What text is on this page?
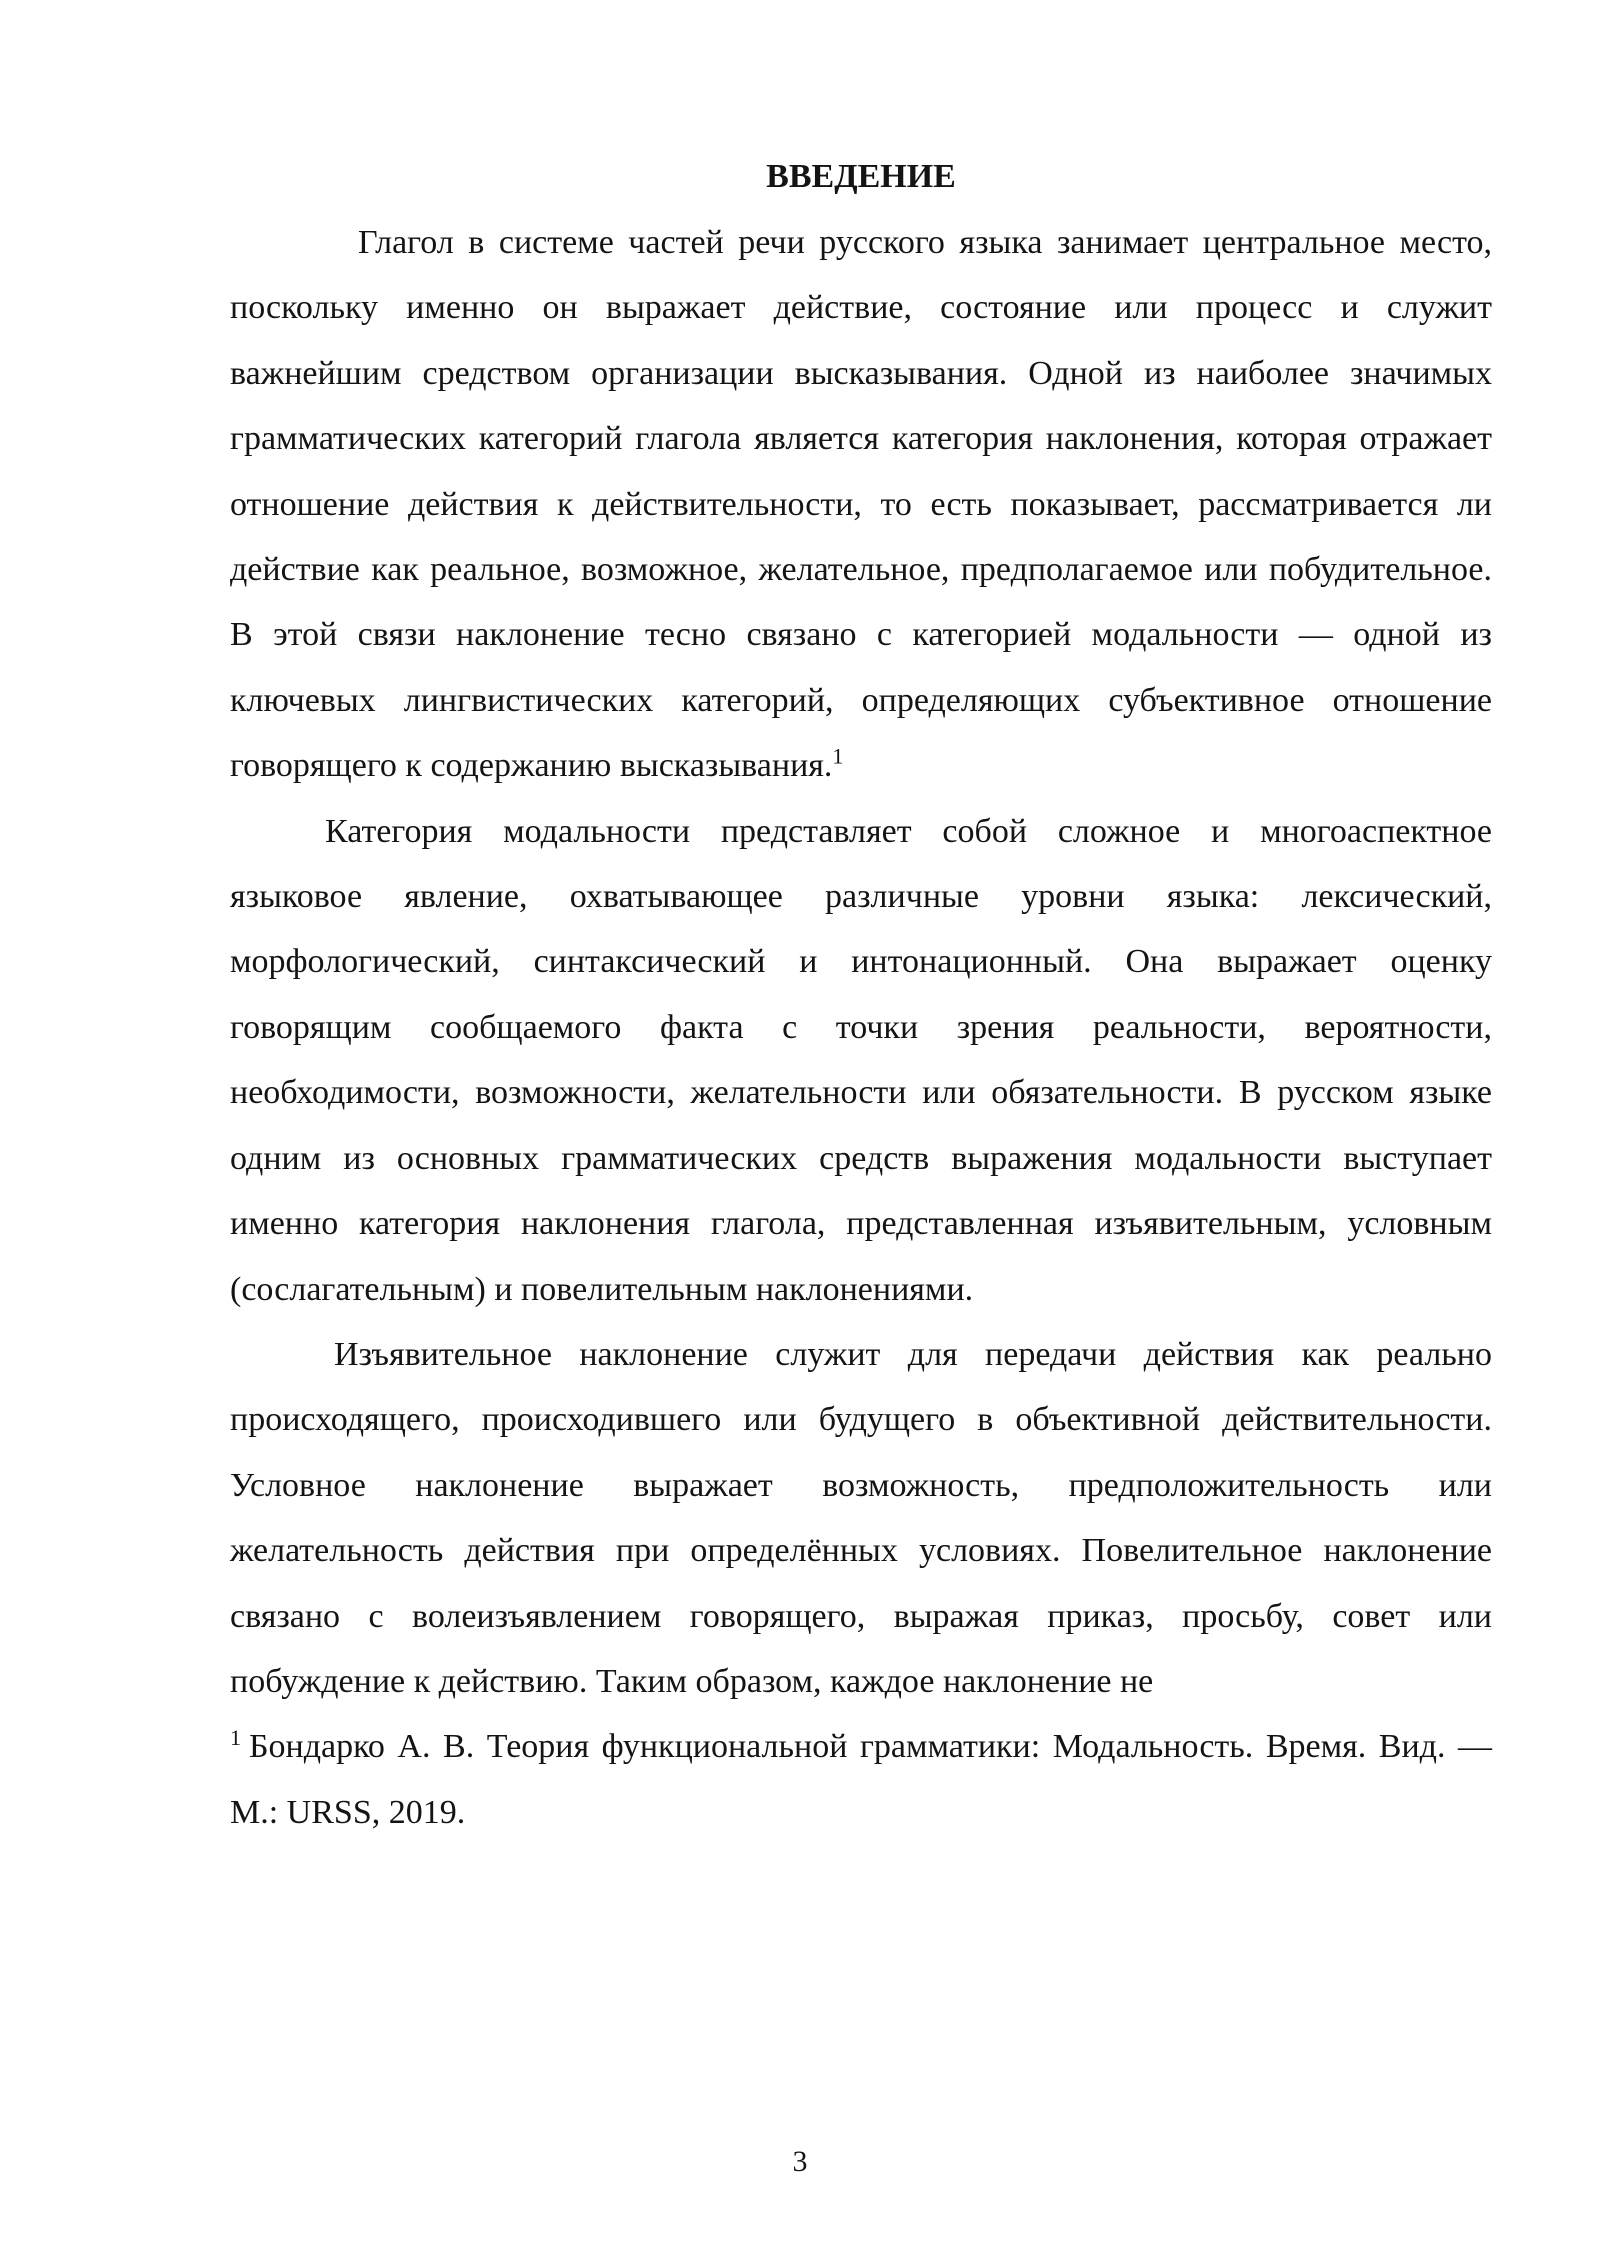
ВВЕДЕНИЕ

Глагол в системе частей речи русского языка занимает центральное место, поскольку именно он выражает действие, состояние или процесс и служит важнейшим средством организации высказывания. Одной из наиболее значимых грамматических категорий глагола является категория наклонения, которая отражает отношение действия к действительности, то есть показывает, рассматривается ли действие как реальное, возможное, желательное, предполагаемое или побудительное. В этой связи наклонение тесно связано с категорией модальности — одной из ключевых лингвистических категорий, определяющих субъективное отношение говорящего к содержанию высказывания.$^1$

Категория модальности представляет собой сложное и многоаспектное языковое явление, охватывающее различные уровни языка: лексический, морфологический, синтаксический и интонационный. Она выражает оценку говорящим сообщаемого факта с точки зрения реальности, вероятности, необходимости, возможности, желательности или обязательности. В русском языке одним из основных грамматических средств выражения модальности выступает именно категория наклонения глагола, представленная изъявительным, условным (сослагательным) и повелительным наклонениями.

Изъявительное наклонение служит для передачи действия как реально происходящего, происходившего или будущего в объективной действительности. Условное наклонение выражает возможность, предположительность или желательность действия при определённых условиях. Повелительное наклонение связано с волеизъявлением говорящего, выражая приказ, просьбу, совет или побуждение к действию. Таким образом, каждое наклонение не

$^1$ Бондарко А. В. Теория функциональной грамматики: Модальность. Время. Вид. — М.: URSS, 2019.

3
